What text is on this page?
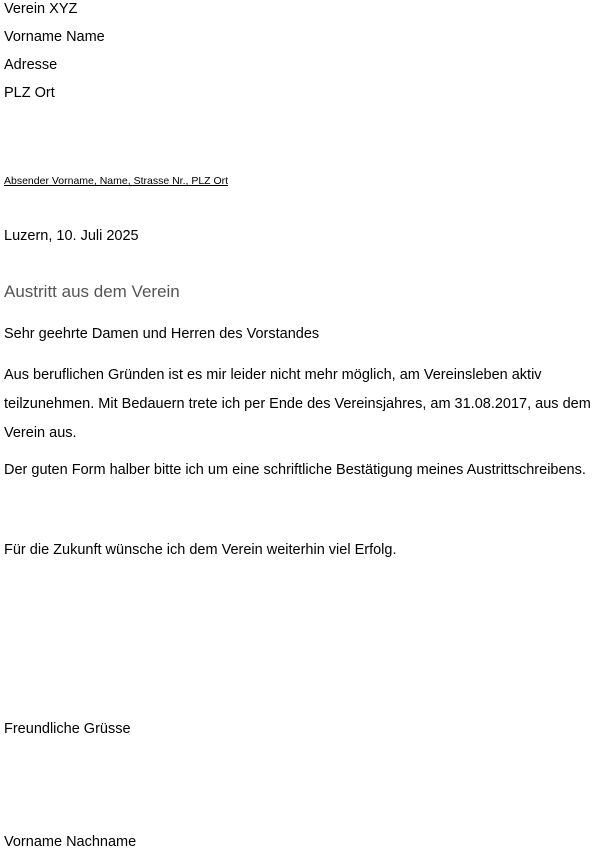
Verein XYZ
Vorname Name
Adresse
PLZ Ort
Absender Vorname, Name, Strasse Nr., PLZ Ort
Luzern, 10. Juli 2025
Austritt aus dem Verein
Sehr geehrte Damen und Herren des Vorstandes
Aus beruflichen Gründen ist es mir leider nicht mehr möglich, am Vereinsleben aktiv
teilzunehmen. Mit Bedauern trete ich per Ende des Vereinsjahres, am 31.08.2017, aus dem
Verein aus.
Der guten Form halber bitte ich um eine schriftliche Bestätigung meines Austrittschreibens.
Für die Zukunft wünsche ich dem Verein weiterhin viel Erfolg.
Freundliche Grüsse
Vorname Nachname
